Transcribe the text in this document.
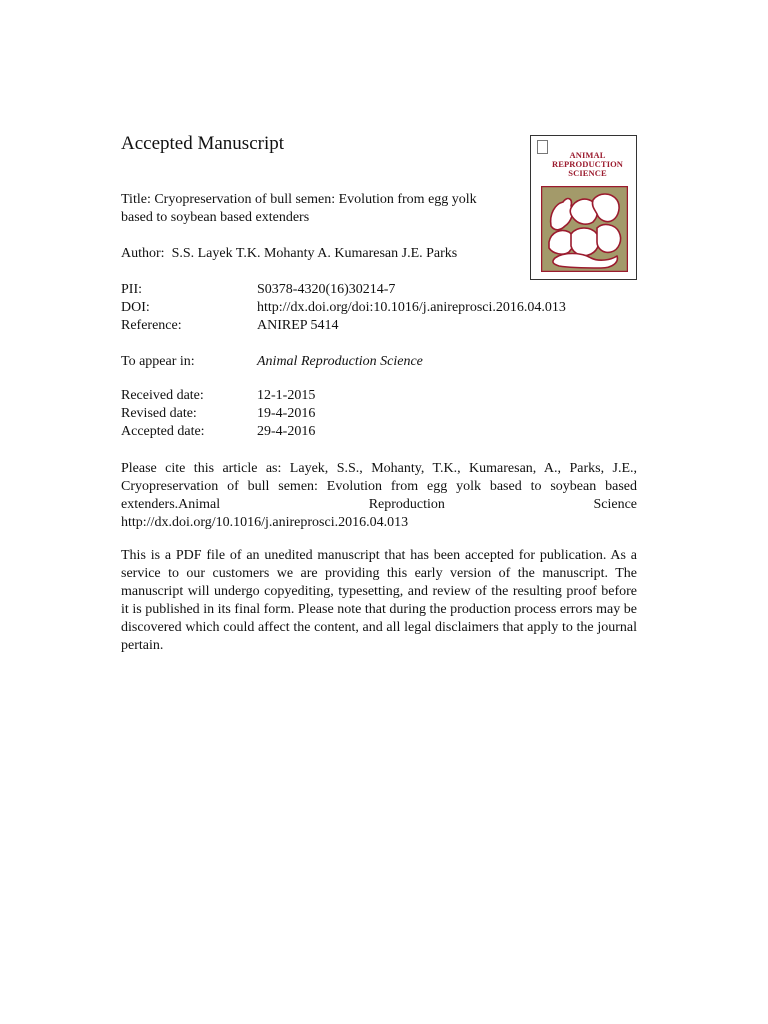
Accepted Manuscript
Title: Cryopreservation of bull semen: Evolution from egg yolk based to soybean based extenders
Author: S.S. Layek T.K. Mohanty A. Kumaresan J.E. Parks
PII:	S0378-4320(16)30214-7
DOI:	http://dx.doi.org/doi:10.1016/j.anireprosci.2016.04.013
Reference:	ANIREP 5414
To appear in:	Animal Reproduction Science
Received date:	12-1-2015
Revised date:	19-4-2016
Accepted date:	29-4-2016

Please cite this article as: Layek, S.S., Mohanty, T.K., Kumaresan, A., Parks, J.E., Cryopreservation of bull semen: Evolution from egg yolk based to soybean based extenders.Animal Reproduction Science http://dx.doi.org/10.1016/j.anireprosci.2016.04.013

This is a PDF file of an unedited manuscript that has been accepted for publication. As a service to our customers we are providing this early version of the manuscript. The manuscript will undergo copyediting, typesetting, and review of the resulting proof before it is published in its final form. Please note that during the production process errors may be discovered which could affect the content, and all legal disclaimers that apply to the journal pertain.

ANIMAL
REPRODUCTION
SCIENCE
